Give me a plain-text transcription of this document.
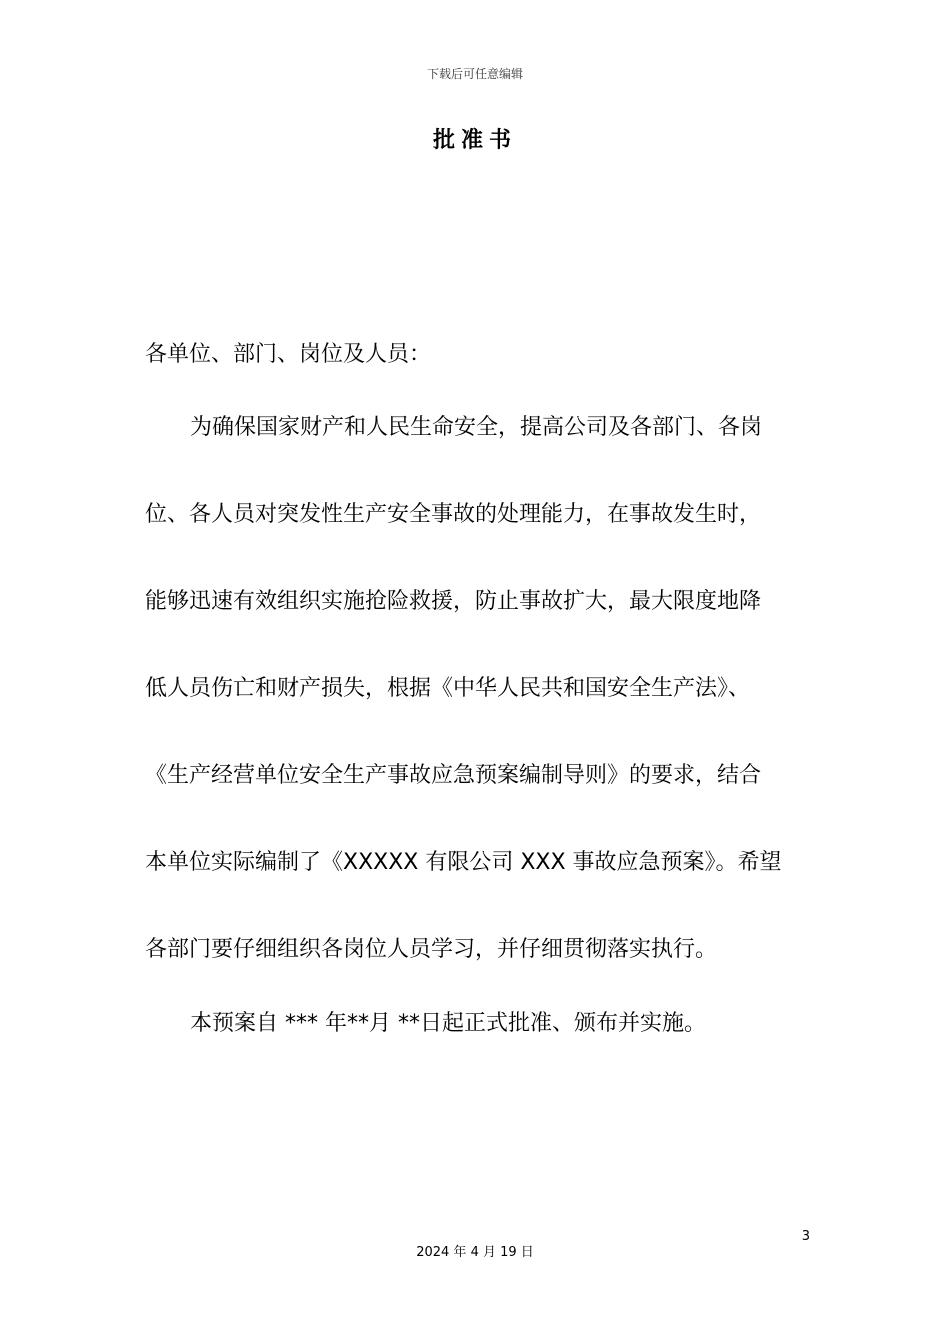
下载后可任意编辑
批准书
各单位、部门、岗位及人员：
为确保国家财产和人民生命安全，提高公司及各部门、各岗
位、各人员对突发性生产安全事故的处理能力，在事故发生时，
能够迅速有效组织实施抢险救援，防止事故扩大，最大限度地降
低人员伤亡和财产损失，根据《中华人民共和国安全生产法》、
《生产经营单位安全生产事故应急预案编制导则》的要求，结合
本单位实际编制了《XXXXX 有限公司 XXX 事故应急预案》。希望
各部门要仔细组织各岗位人员学习，并仔细贯彻落实执行。
本预案自 *** 年**月 **日起正式批准、颁布并实施。
3
2024 年 4 月 19 日
